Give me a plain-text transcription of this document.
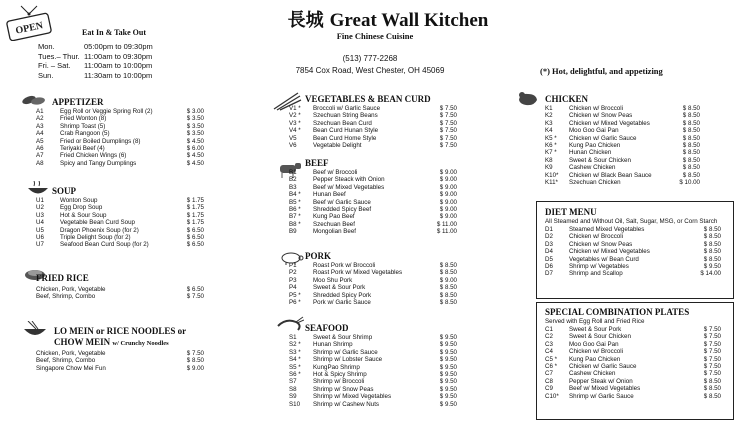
OPEN	Eat In & Take Out
Mon.	05:00pm to 09:30pm
Tues.– Thur. 11:00am to 09:30pm
Fri. – Sat.	11:00am to 10:00pm
Sun.	11:30am to 10:00pm
長城 Great Wall Kitchen
Fine Chinese Cuisine
(513) 777-2268
7854 Cox Road, West Chester, OH 45069	(*) Hot, delightful, and appetizing
APPETIZER
A1	Egg Roll or Veggie Spring Roll (2)	$ 3.00
A2	Fried Wonton (8)	$ 3.50
A3	Shrimp Toast (5)	$ 3.50
A4	Crab Rangoon (5)	$ 3.50
A5	Fried or Boiled Dumplings (8)	$ 4.50
A6	Teriyaki Beef (4)	$ 6.00
A7	Fried Chicken Wings (6)	$ 4.50
A8	Spicy and Tangy Dumplings	$ 4.50
SOUP
U1	Wonton Soup	$ 1.75
U2	Egg Drop Soup	$ 1.75
U3	Hot & Sour Soup	$ 1.75
U4	Vegetable Bean Curd Soup	$ 1.75
U5	Dragon Phoenix Soup (for 2)	$ 6.50
U6	Triple Delight Soup (for 2)	$ 6.50
U7	Seafood Bean Curd Soup (for 2)	$ 6.50
FRIED RICE
Chicken, Pork, Vegetable	$ 6.50
Beef, Shrimp, Combo	$ 7.50
LO MEIN or RICE NOODLES or
CHOW MEIN w/ Crunchy Noodles
Chicken, Pork, Vegetable	$ 7.50
Beef, Shrimp, Combo	$ 8.50
Singapore Chow Mei Fun	$ 9.00
VEGETABLES & BEAN CURD
V1 *	Broccoli w/ Garlic Sauce	$ 7.50
V2 *	Szechuan String Beans	$ 7.50
V3 *	Szechuan Bean Curd	$ 7.50
V4 *	Bean Curd Hunan Style	$ 7.50
V5	Bean Curd Home Style	$ 7.50
V6	Vegetable Delight	$ 7.50
BEEF
B1	Beef w/ Broccoli	$ 9.00
B2	Pepper Steack with Onion	$ 9.00
B3	Beef w/ Mixed Vegetables	$ 9.00
B4 *	Hunan Beef	$ 9.00
B5 *	Beef w/ Garlic Sauce	$ 9.00
B6 *	Shredded Spicy Beef	$ 9.00
B7 *	Kung Pao Beef	$ 9.00
B8 *	Szechuan Beef	$ 11.00
B9	Mongolian Beef	$ 11.00
PORK
P1	Roast Pork w/ Broccoli	$ 8.50
P2	Roast Pork w/ Mixed Vegetables	$ 8.50
P3	Moo Shu Pork	$ 9.00
P4	Sweet & Sour Pork	$ 8.50
P5 *	Shredded Spicy Pork	$ 8.50
P6 *	Pork w/ Garlic Sauce	$ 8.50
SEAFOOD
S1	Sweet & Sour Shrimp	$ 9.50
S2 *	Hunan Shrimp	$ 9.50
S3 *	Shrimp w/ Garlic Sauce	$ 9.50
S4 *	Shrimp w/ Lobster Sauce	$ 9.50
S5 *	KungPao Shrimp	$ 9.50
S6 *	Hot & Spicy Shrimp	$ 9.50
S7	Shrimp w/ Broccoli	$ 9.50
S8	Shrimp w/ Snow Peas	$ 9.50
S9	Shrimp w/ Mixed Vegetables	$ 9.50
S10	Shrimp w/ Cashew Nuts	$ 9.50
CHICKEN
K1	Chicken w/ Broccoli	$ 8.50
K2	Chicken w/ Snow Peas	$ 8.50
K3	Chicken w/ Mixed Vegetables	$ 8.50
K4	Moo Goo Gai Pan	$ 8.50
K5 *	Chicken w/ Garlic Sauce	$ 8.50
K6 *	Kung Pao Chicken	$ 8.50
K7 *	Hunan Chicken	$ 8.50
K8	Sweet & Sour Chicken	$ 8.50
K9	Cashew Chicken	$ 8.50
K10*	Chicken w/ Black Bean Sauce	$ 8.50
K11*	Szechuan Chicken	$ 10.00
DIET MENU
All Steamed and Without Oil, Salt, Sugar, MSG, or Corn Starch
D1	Steamed Mixed Vegetables	$ 8.50
D2	Chicken w/ Broccoli	$ 8.50
D3	Chicken w/ Snow Peas	$ 8.50
D4	Chicken w/ Mixed Vegetables	$ 8.50
D5	Vegetables w/ Bean Curd	$ 8.50
D6	Shrimp w/ Vegetables	$ 9.50
D7	Shrimp and Scallop	$ 14.00
SPECIAL COMBINATION PLATES
Served with Egg Roll and Fried Rice
C1	Sweet & Sour Pork	$ 7.50
C2	Sweet & Sour Chicken	$ 7.50
C3	Moo Goo Gai Pan	$ 7.50
C4	Chicken w/ Broccoli	$ 7.50
C5 *	Kung Pao Chicken	$ 7.50
C6 *	Chicken w/ Garlic Sauce	$ 7.50
C7	Cashew Chicken	$ 7.50
C8	Pepper Steak w/ Onion	$ 8.50
C9	Beef w/ Mixed Vegetables	$ 8.50
C10*	Shrimp w/ Garlic Sauce	$ 8.50
